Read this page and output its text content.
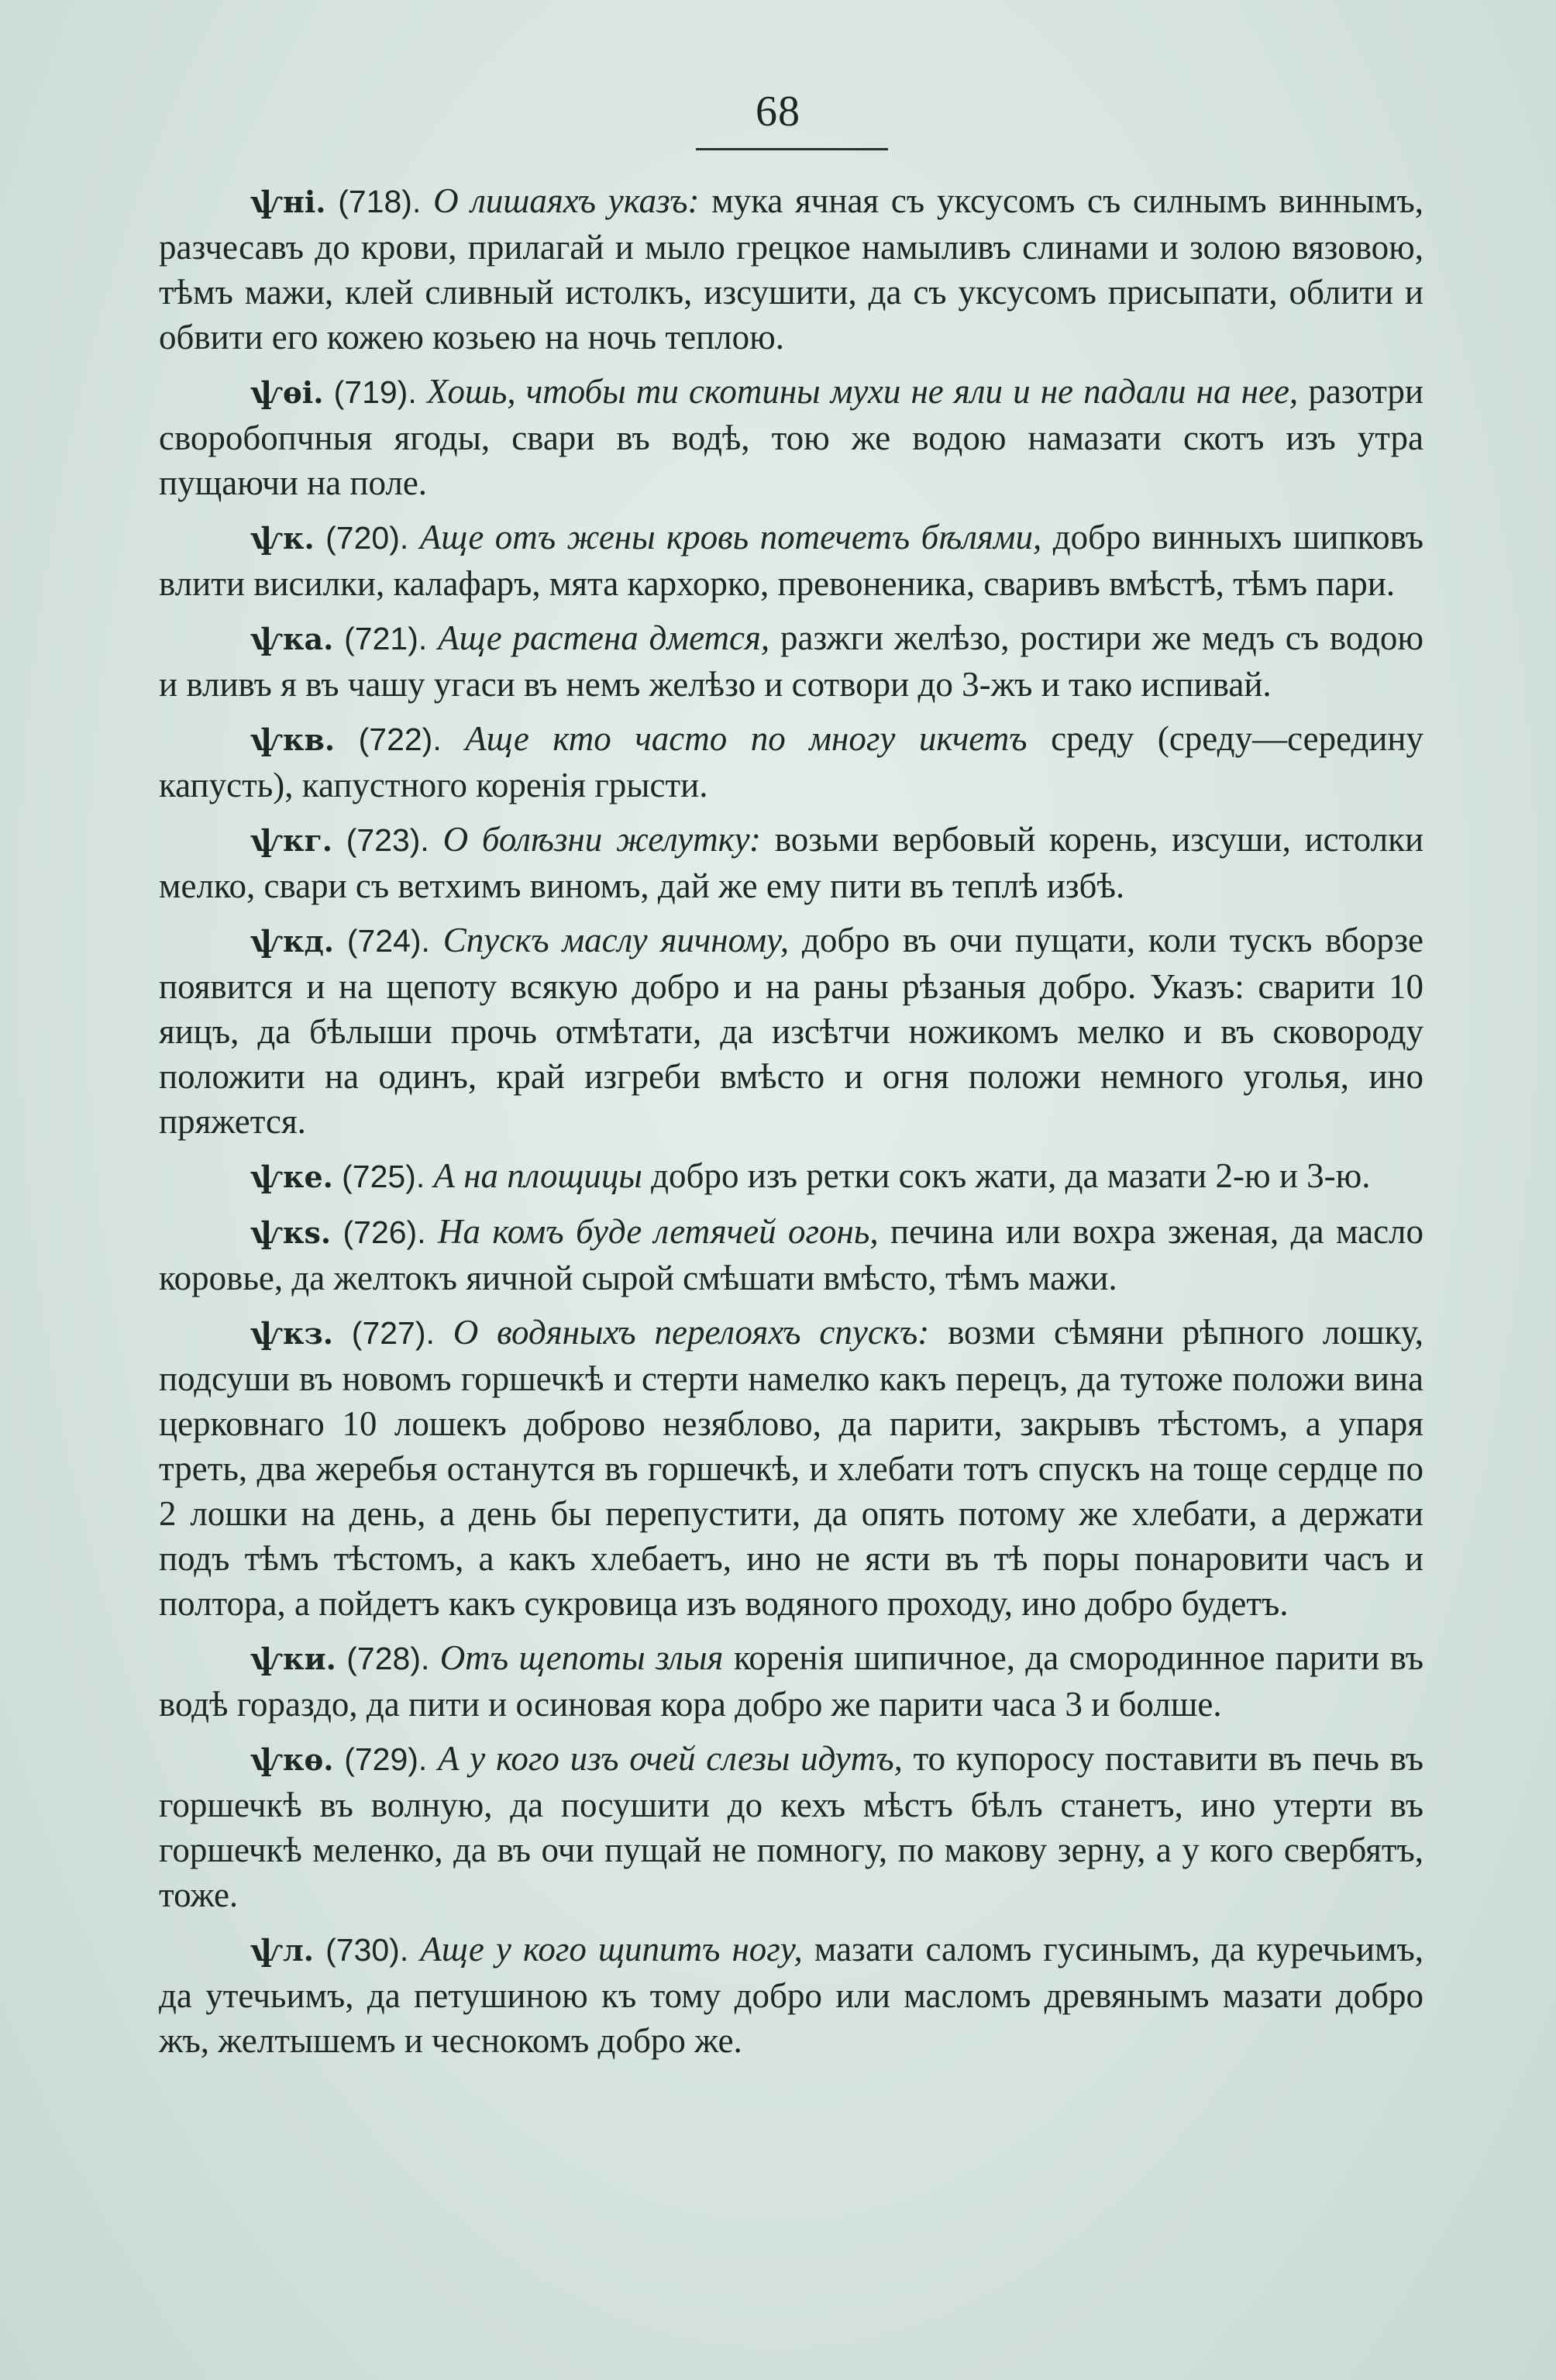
68

ѱні. (718). О лишаяхъ указъ: мука ячная съ уксусомъ съ силнымъ виннымъ, разчесавъ до крови, прилагай и мыло грецкое намыливъ слинами и золою вязовою, тѣмъ мажи, клей сливный истолкъ, изсушити, да съ уксусомъ присыпати, облити и обвити его кожею козьею на ночь теплою.

ѱѳі. (719). Хошь, чтобы ти скотины мухи не яли и не падали на нее, разотри своробопчныя ягоды, свари въ водѣ, тою же водою намазати скотъ изъ утра пущаючи на поле.

ѱк. (720). Аще отъ жены кровь потечетъ бѣлями, добро винныхъ шипковъ влити висилки, калафаръ, мята кархорко, превоненика, сваривъ вмѣстѣ, тѣмъ пари.

ѱка. (721). Аще растена дмется, разжги желѣзо, ростири же медъ съ водою и вливъ я въ чашу угаси въ немъ желѣзо и сотвори до 3-жъ и тако испивай.

ѱкв. (722). Аще кто часто по многу икчетъ среду (среду—середину капусть), капустного коренія грысти.

ѱкг. (723). О болѣзни желутку: возьми вербовый корень, изсуши, истолки мелко, свари съ ветхимъ виномъ, дай же ему пити въ теплѣ избѣ.

ѱкд. (724). Спускъ маслу яичному, добро въ очи пущати, коли тускъ вборзе появится и на щепоту всякую добро и на раны рѣзаныя добро. Указъ: сварити 10 яицъ, да бѣлыши прочь отмѣтати, да изсѣтчи ножикомъ мелко и въ сковороду положити на одинъ, край изгреби вмѣсто и огня положи немного уголья, ино пряжется.

ѱке. (725). А на площицы добро изъ ретки сокъ жати, да мазати 2-ю и 3-ю.

ѱкs. (726). На комъ буде летячей огонь, печина или вохра зженая, да масло коровье, да желтокъ яичной сырой смѣшати вмѣсто, тѣмъ мажи.

ѱкз. (727). О водяныхъ перелояхъ спускъ: возми сѣмяни рѣпного лошку, подсуши въ новомъ горшечкѣ и стерти намелко какъ перецъ, да тутоже положи вина церковнаго 10 лошекъ доброво незяблово, да парити, закрывъ тѣстомъ, а упаря треть, два жеребья останутся въ горшечкѣ, и хлебати тотъ спускъ на тоще сердце по 2 лошки на день, а день бы перепустити, да опять потому же хлебати, а держати подъ тѣмъ тѣстомъ, а какъ хлебаетъ, ино не ясти въ тѣ поры понаровити часъ и полтора, а пойдетъ какъ сукровица изъ водяного проходу, ино добро будетъ.

ѱки. (728). Отъ щепоты злыя коренія шипичное, да смородинное парити въ водѣ гораздо, да пити и осиновая кора добро же парити часа 3 и болше.

ѱкѳ. (729). А у кого изъ очей слезы идутъ, то купоросу поставити въ печь въ горшечкѣ въ волную, да посушити до кехъ мѣстъ бѣлъ станетъ, ино утерти въ горшечкѣ меленко, да въ очи пущай не помногу, по макову зерну, а у кого свербятъ, тоже.

ѱл. (730). Аще у кого щипитъ ногу, мазати саломъ гусинымъ, да куречьимъ, да утечьимъ, да петушиною къ тому добро или масломъ древянымъ мазати добро жъ, желтышемъ и чеснокомъ добро же.
